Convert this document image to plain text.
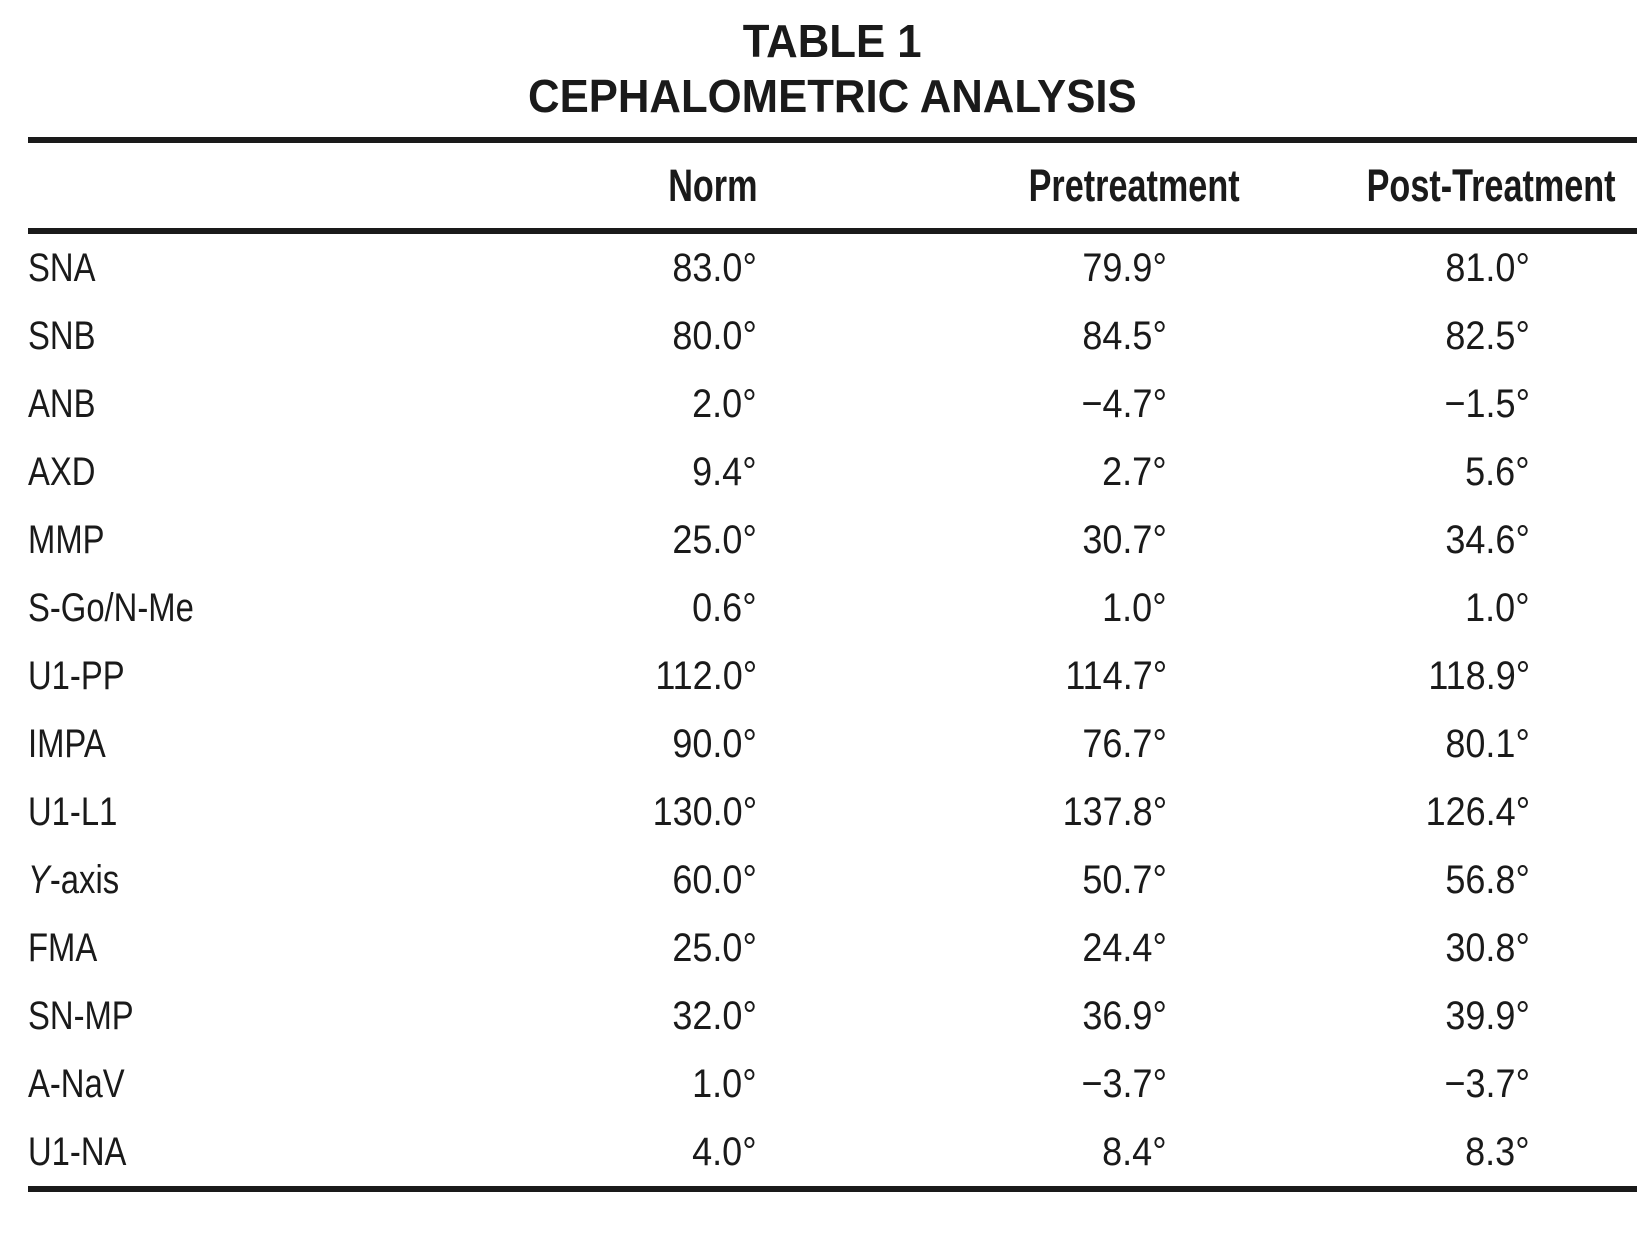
TABLE 1
CEPHALOMETRIC ANALYSIS
	Norm	Pretreatment	Post-Treatment
SNA	83.0°	79.9°	81.0°
SNB	80.0°	84.5°	82.5°
ANB	2.0°	−4.7°	−1.5°
AXD	9.4°	2.7°	5.6°
MMP	25.0°	30.7°	34.6°
S-Go/N-Me	0.6°	1.0°	1.0°
U1-PP	112.0°	114.7°	118.9°
IMPA	90.0°	76.7°	80.1°
U1-L1	130.0°	137.8°	126.4°
Y-axis	60.0°	50.7°	56.8°
FMA	25.0°	24.4°	30.8°
SN-MP	32.0°	36.9°	39.9°
A-NaV	1.0°	−3.7°	−3.7°
U1-NA	4.0°	8.4°	8.3°
